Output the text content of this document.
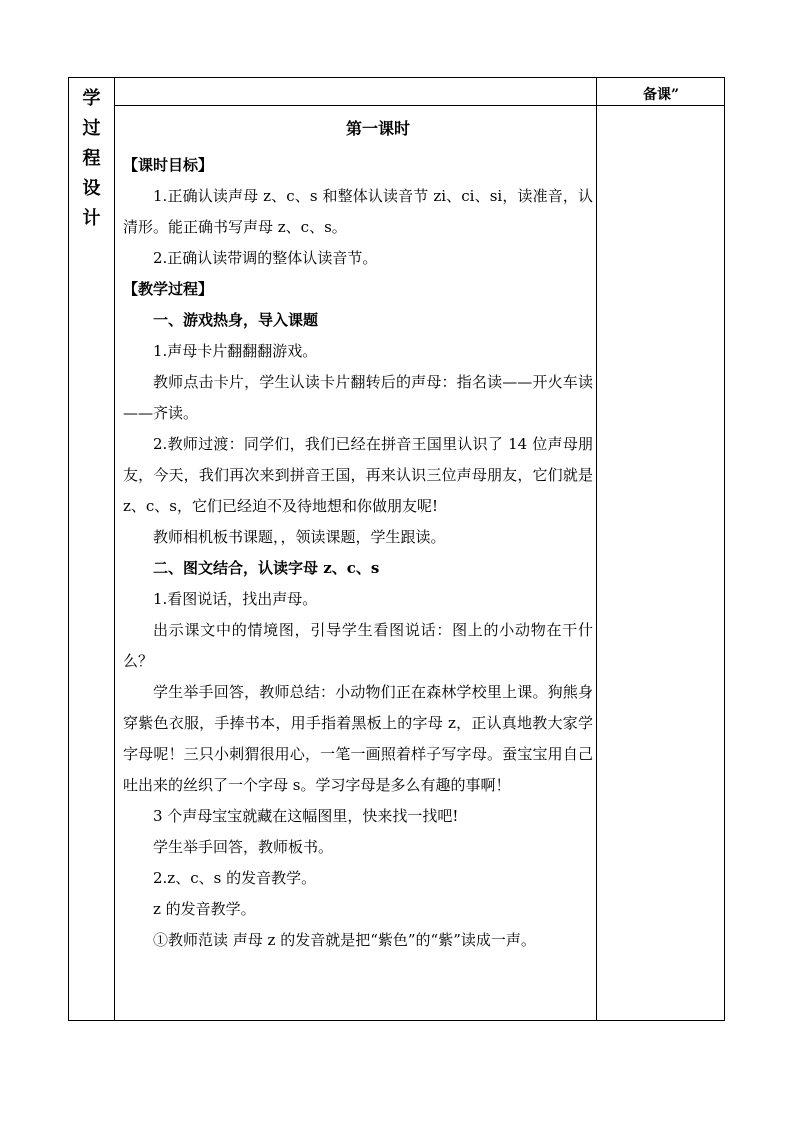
学
过
程
设
计
备课”

第一课时

【课时目标】

1.正确认读声母 z、c、s 和整体认读音节 zi、ci、si，读准音，认清形。能正确书写声母 z、c、s。

2.正确认读带调的整体认读音节。

【教学过程】

一、游戏热身，导入课题

1.声母卡片翻翻翻游戏。

教师点击卡片，学生认读卡片翻转后的声母：指名读——开火车读——齐读。

2.教师过渡：同学们，我们已经在拼音王国里认识了 14 位声母朋友，今天，我们再次来到拼音王国，再来认识三位声母朋友，它们就是 z、c、s，它们已经迫不及待地想和你做朋友呢!

教师相机板书课题，，领读课题，学生跟读。

二、图文结合，认读字母 z、c、s

1.看图说话，找出声母。

出示课文中的情境图，引导学生看图说话：图上的小动物在干什么？

学生举手回答，教师总结：小动物们正在森林学校里上课。狗熊身穿紫色衣服，手捧书本，用手指着黑板上的字母 z，正认真地教大家学字母呢！三只小刺猬很用心，一笔一画照着样子写字母。蚕宝宝用自己吐出来的丝织了一个字母 s。学习字母是多么有趣的事啊！

3 个声母宝宝就藏在这幅图里，快来找一找吧!

学生举手回答，教师板书。

2.z、c、s 的发音教学。

z 的发音教学。

①教师范读 声母 z 的发音就是把“紫色”的“紫”读成一声。
